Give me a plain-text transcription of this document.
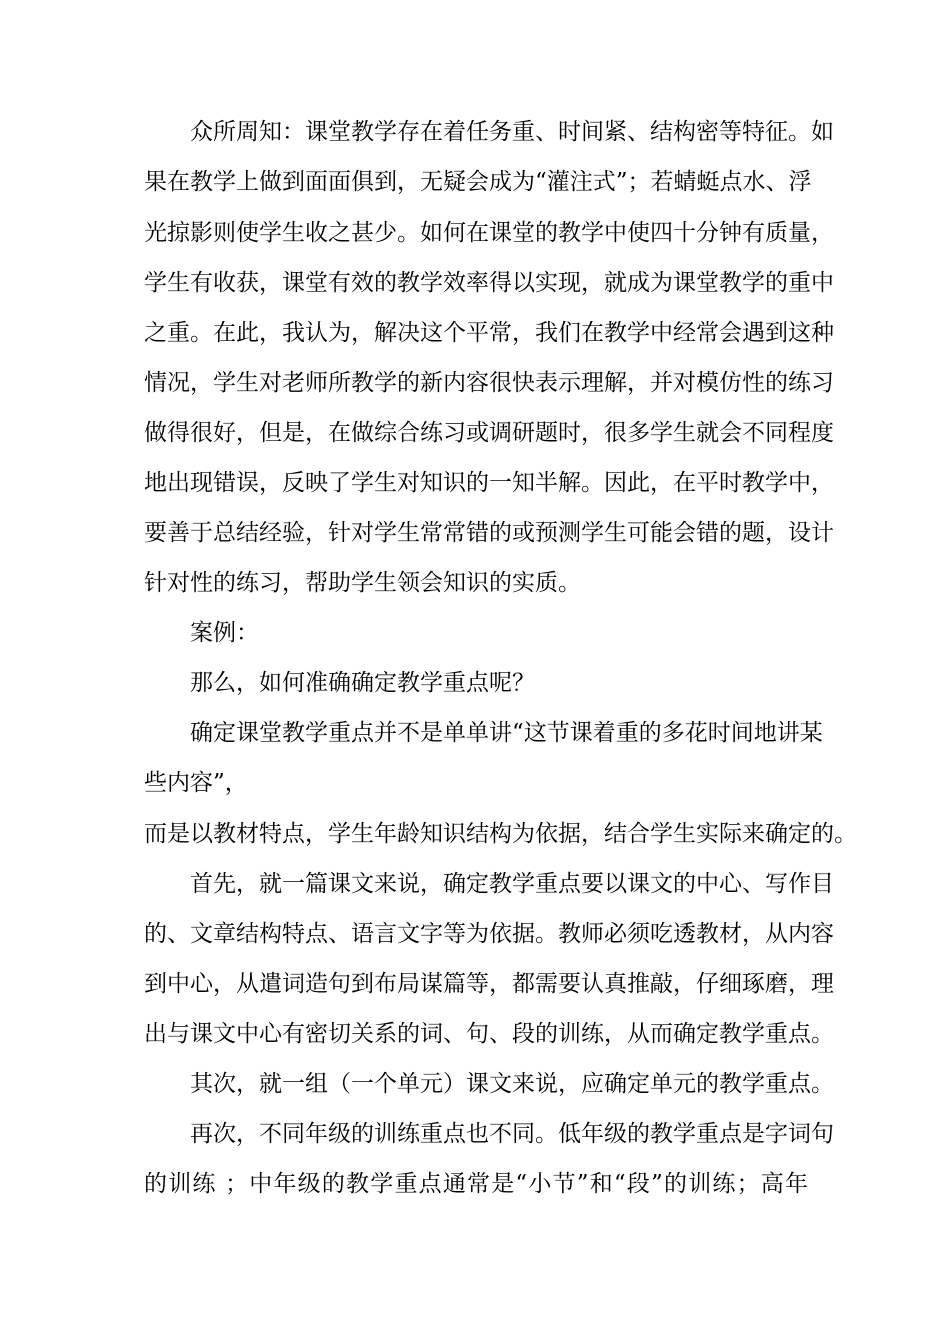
众所周知：课堂教学存在着任务重、时间紧、结构密等特征。如
果在教学上做到面面俱到，无疑会成为“灌注式”；若蜻蜓点水、浮
光掠影则使学生收之甚少。如何在课堂的教学中使四十分钟有质量，
学生有收获，课堂有效的教学效率得以实现，就成为课堂教学的重中
之重。在此，我认为，解决这个平常，我们在教学中经常会遇到这种
情况，学生对老师所教学的新内容很快表示理解，并对模仿性的练习
做得很好，但是，在做综合练习或调研题时，很多学生就会不同程度
地出现错误，反映了学生对知识的一知半解。因此，在平时教学中，
要善于总结经验，针对学生常常错的或预测学生可能会错的题，设计
针对性的练习，帮助学生领会知识的实质。
案例：
那么，如何准确确定教学重点呢？
确定课堂教学重点并不是单单讲“这节课着重的多花时间地讲某
些内容”，
而是以教材特点，学生年龄知识结构为依据，结合学生实际来确定的。
首先，就一篇课文来说，确定教学重点要以课文的中心、写作目
的、文章结构特点、语言文字等为依据。教师必须吃透教材，从内容
到中心，从遣词造句到布局谋篇等，都需要认真推敲，仔细琢磨，理
出与课文中心有密切关系的词、句、段的训练，从而确定教学重点。
其次，就一组（一个单元）课文来说，应确定单元的教学重点。
再次，不同年级的训练重点也不同。低年级的教学重点是字词句
的训练 ；中年级的教学重点通常是“小节”和“段”的训练；高年
